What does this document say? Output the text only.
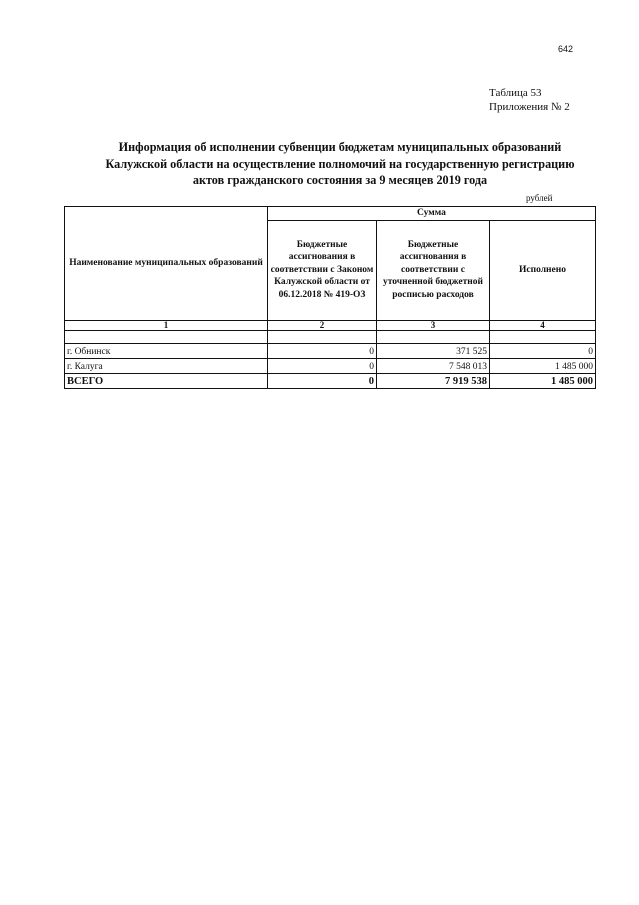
642
Таблица 53
Приложения № 2

Информация об исполнении субвенции бюджетам муниципальных образований

Калужской области на осуществление полномочий на государственную регистрацию

актов гражданского состояния за 9 месяцев 2019 года

рублей
Наименование муниципальных образований	Сумма		
	Бюджетные ассигнования в соответствии с Законом Калужской области от 06.12.2018 № 419-ОЗ	Бюджетные ассигнования в соответствии с уточненной бюджетной росписью расходов	Исполнено
1	2	3	4

г. Обнинск	0	371 525	0
г. Калуга	0	7 548 013	1 485 000
ВСЕГО	0	7 919 538	1 485 000
